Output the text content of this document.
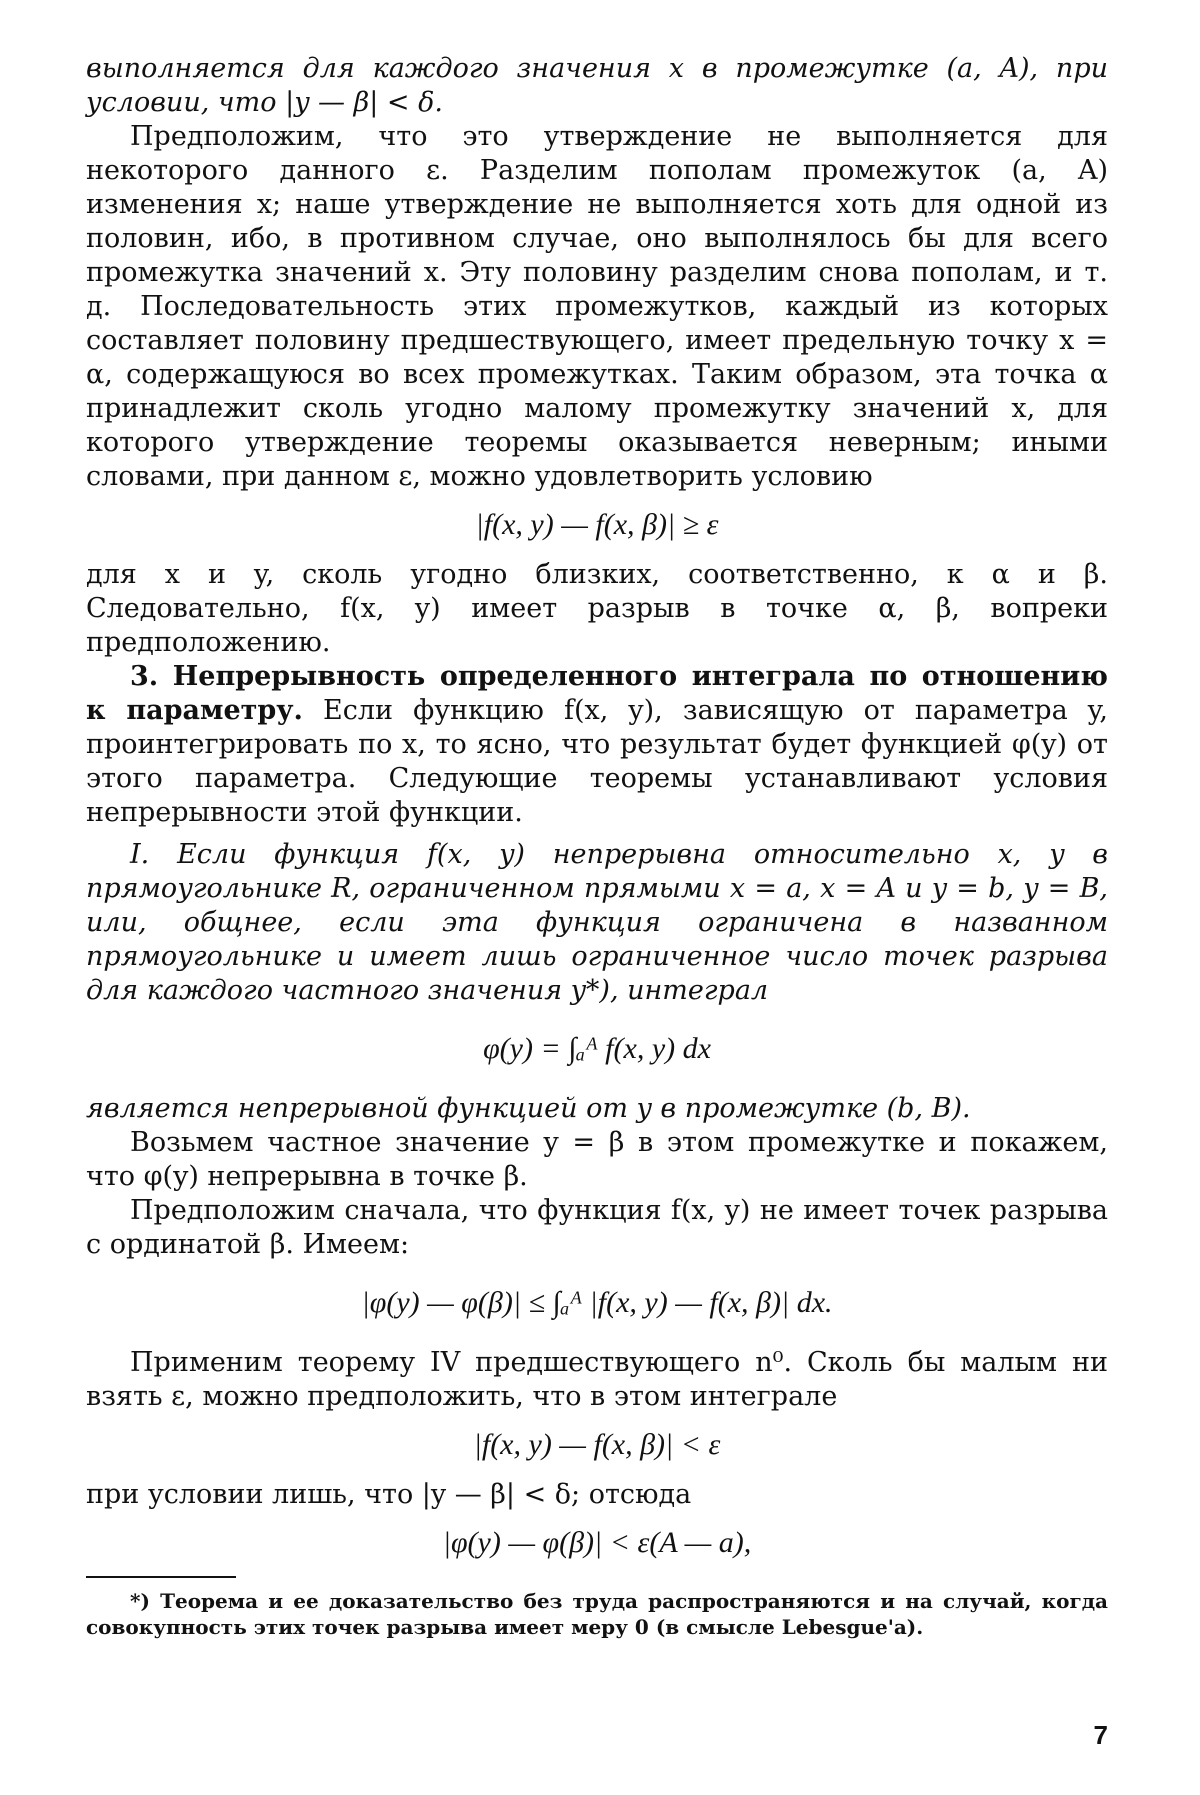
выполняется для каждого значения x в промежутке (a, A), при условии, что |y — β| < δ.

Предположим, что это утверждение не выполняется для некоторого данного ε. Разделим пополам промежуток (a, A) изменения x; наше утверждение не выполняется хоть для одной из половин, ибо, в противном случае, оно выполнялось бы для всего промежутка значений x. Эту половину разделим снова пополам, и т. д. Последовательность этих промежутков, каждый из которых составляет половину предшествующего, имеет предельную точку x = α, содержащуюся во всех промежутках. Таким образом, эта точка α принадлежит сколь угодно малому промежутку значений x, для которого утверждение теоремы оказывается неверным; иными словами, при данном ε, можно удовлетворить условию

|f(x, y) — f(x, β)| ≥ ε

для x и y, сколь угодно близких, соответственно, к α и β. Следовательно, f(x, y) имеет разрыв в точке α, β, вопреки предположению.

3. Непрерывность определенного интеграла по отношению к параметру. Если функцию f(x, y), зависящую от параметра y, проинтегрировать по x, то ясно, что результат будет функцией φ(y) от этого параметра. Следующие теоремы устанавливают условия непрерывности этой функции.

I. Если функция f(x, y) непрерывна относительно x, y в прямоугольнике R, ограниченном прямыми x = a, x = A и y = b, y = B, или, общнее, если эта функция ограничена в названном прямоугольнике и имеет лишь ограниченное число точек разрыва для каждого частного значения y*), интеграл

φ(y) = ∫ₐᴬ f(x, y) dx

является непрерывной функцией от y в промежутке (b, B).

Возьмем частное значение y = β в этом промежутке и покажем, что φ(y) непрерывна в точке β.

Предположим сначала, что функция f(x, y) не имеет точек разрыва с ординатой β. Имеем:

|φ(y) — φ(β)| ≤ ∫ₐᴬ |f(x, y) — f(x, β)| dx.

Применим теорему IV предшествующего n⁰. Сколь бы малым ни взять ε, можно предположить, что в этом интеграле

|f(x, y) — f(x, β)| < ε

при условии лишь, что |y — β| < δ; отсюда

|φ(y) — φ(β)| < ε(A — a),

*) Теорема и ее доказательство без труда распространяются и на случай, когда совокупность этих точек разрыва имеет меру 0 (в смысле Lebesgue'a).

7
